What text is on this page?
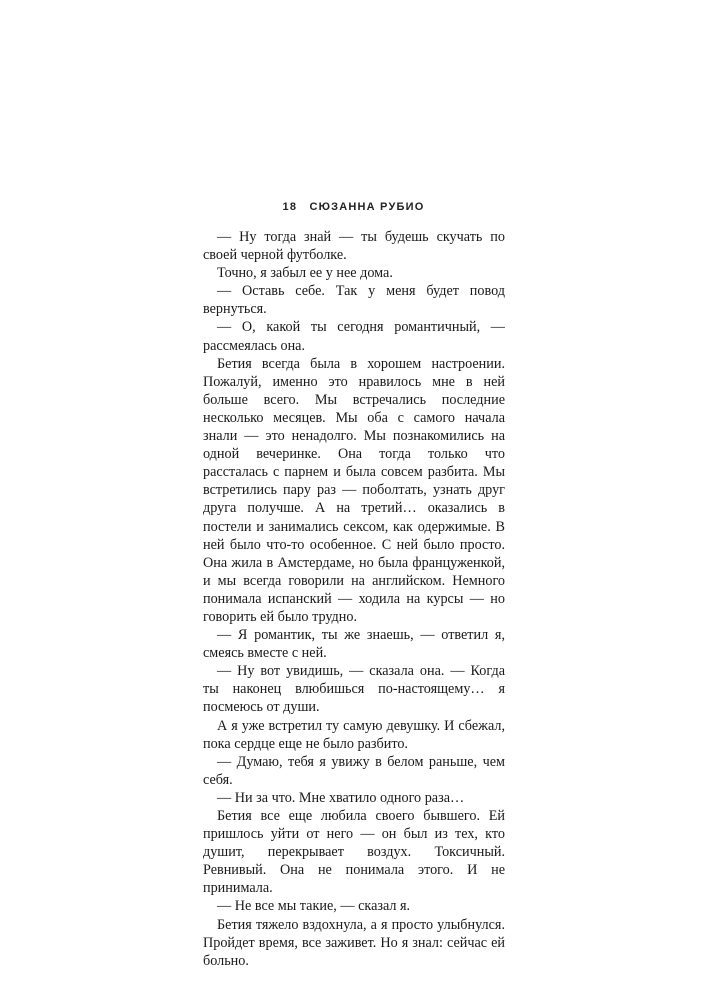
18 СЮЗАННА РУБИО

— Ну тогда знай — ты будешь скучать по своей черной футболке.

Точно, я забыл ее у нее дома.

— Оставь себе. Так у меня будет повод вернуться.

— О, какой ты сегодня романтичный, — рассмеялась она.

Бетия всегда была в хорошем настроении. Пожалуй, именно это нравилось мне в ней больше всего. Мы встречались последние несколько месяцев. Мы оба с самого начала знали — это ненадолго. Мы познакомились на одной вечеринке. Она тогда только что рассталась с парнем и была совсем разбита. Мы встретились пару раз — поболтать, узнать друг друга получше. А на третий… оказались в постели и занимались сексом, как одержимые. В ней было что-то особенное. С ней было просто. Она жила в Амстердаме, но была француженкой, и мы всегда говорили на английском. Немного понимала испанский — ходила на курсы — но говорить ей было трудно.

— Я романтик, ты же знаешь, — ответил я, смеясь вместе с ней.

— Ну вот увидишь, — сказала она. — Когда ты наконец влюбишься по-настоящему… я посмеюсь от души.

А я уже встретил ту самую девушку. И сбежал, пока сердце еще не было разбито.

— Думаю, тебя я увижу в белом раньше, чем себя.

— Ни за что. Мне хватило одного раза…

Бетия все еще любила своего бывшего. Ей пришлось уйти от него — он был из тех, кто душит, перекрывает воздух. Токсичный. Ревнивый. Она не понимала этого. И не принимала.

— Не все мы такие, — сказал я.

Бетия тяжело вздохнула, а я просто улыбнулся. Пройдет время, все заживет. Но я знал: сейчас ей больно.
